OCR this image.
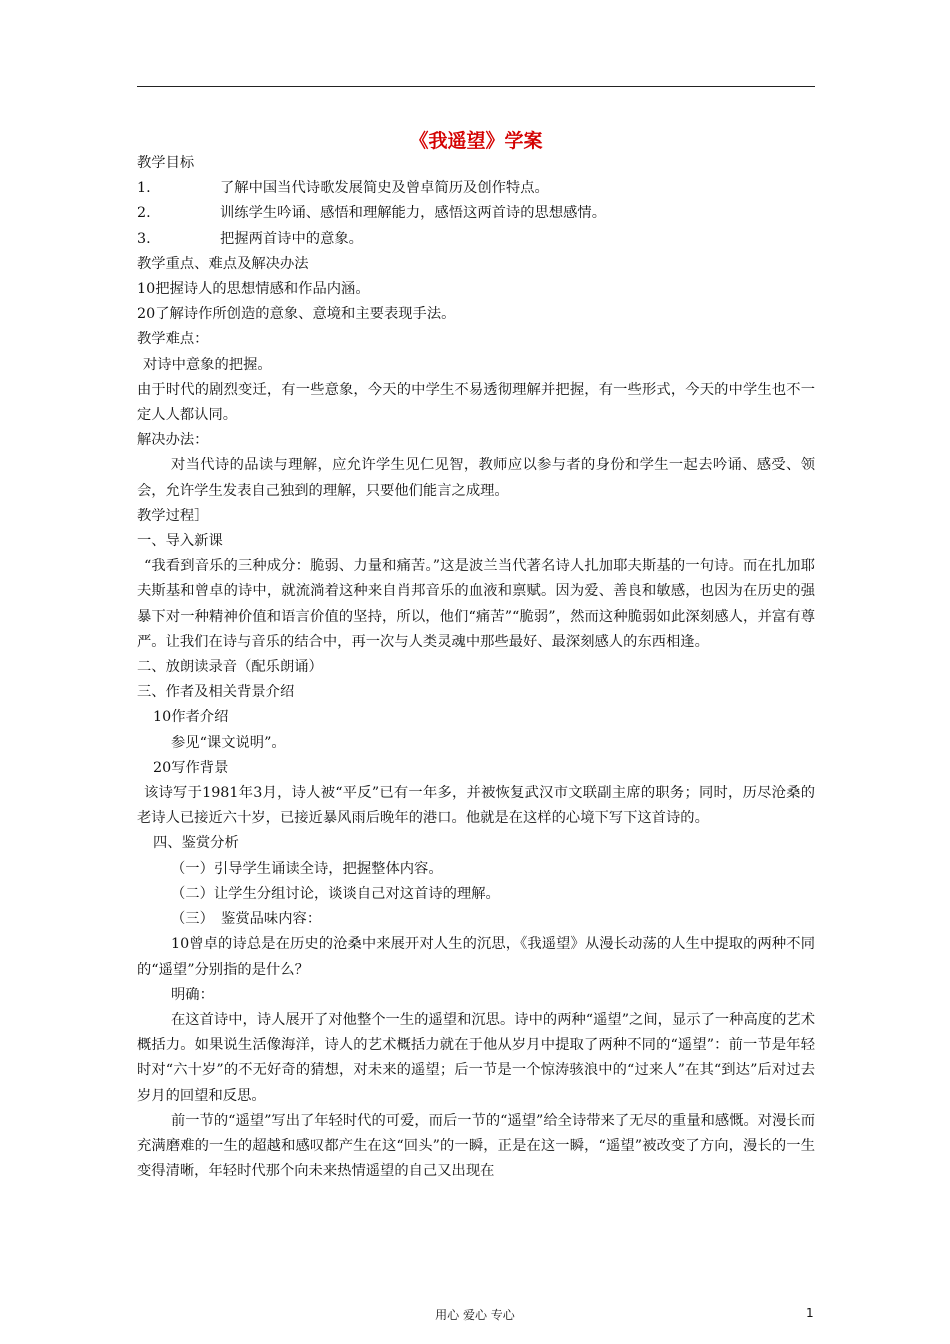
《我遥望》学案
教学目标
1.	了解中国当代诗歌发展简史及曾卓简历及创作特点。
2.	训练学生吟诵、感悟和理解能力，感悟这两首诗的思想感情。
3.	把握两首诗中的意象。
教学重点、难点及解决办法
10把握诗人的思想情感和作品内涵。
20了解诗作所创造的意象、意境和主要表现手法。
教学难点：
对诗中意象的把握。
由于时代的剧烈变迁，有一些意象，今天的中学生不易透彻理解并把握，有一些形式，今天的中学生也不一定人人都认同。
解决办法：
对当代诗的品读与理解，应允许学生见仁见智，教师应以参与者的身份和学生一起去吟诵、感受、领会，允许学生发表自己独到的理解，只要他们能言之成理。
教学过程］
一、导入新课
“我看到音乐的三种成分：脆弱、力量和痛苦。”这是波兰当代著名诗人扎加耶夫斯基的一句诗。而在扎加耶夫斯基和曾卓的诗中，就流淌着这种来自肖邦音乐的血液和禀赋。因为爱、善良和敏感，也因为在历史的强暴下对一种精神价值和语言价值的坚持，所以，他们“痛苦”“脆弱”，然而这种脆弱如此深刻感人，并富有尊严。让我们在诗与音乐的结合中，再一次与人类灵魂中那些最好、最深刻感人的东西相逢。
二、放朗读录音（配乐朗诵）
三、作者及相关背景介绍
10作者介绍
参见“课文说明”。
20写作背景
该诗写于1981年3月，诗人被“平反”已有一年多，并被恢复武汉市文联副主席的职务；同时，历尽沧桑的老诗人已接近六十岁，已接近暴风雨后晚年的港口。他就是在这样的心境下写下这首诗的。
四、鉴赏分析
（一）引导学生诵读全诗，把握整体内容。
（二）让学生分组讨论，谈谈自己对这首诗的理解。
（三）　鉴赏品味内容：
10曾卓的诗总是在历史的沧桑中来展开对人生的沉思，《我遥望》从漫长动荡的人生中提取的两种不同的“遥望”分别指的是什么？
明确：
在这首诗中，诗人展开了对他整个一生的遥望和沉思。诗中的两种“遥望”之间，显示了一种高度的艺术概括力。如果说生活像海洋，诗人的艺术概括力就在于他从岁月中提取了两种不同的“遥望”：前一节是年轻时对“六十岁”的不无好奇的猜想，对未来的遥望；后一节是一个惊涛骇浪中的“过来人”在其“到达”后对过去岁月的回望和反思。
前一节的“遥望”写出了年轻时代的可爱，而后一节的“遥望”给全诗带来了无尽的重量和感慨。对漫长而充满磨难的一生的超越和感叹都产生在这“回头”的一瞬，正是在这一瞬，“遥望”被改变了方向，漫长的一生变得清晰，年轻时代那个向未来热情遥望的自己又出现在
用心 爱心 专心	1
